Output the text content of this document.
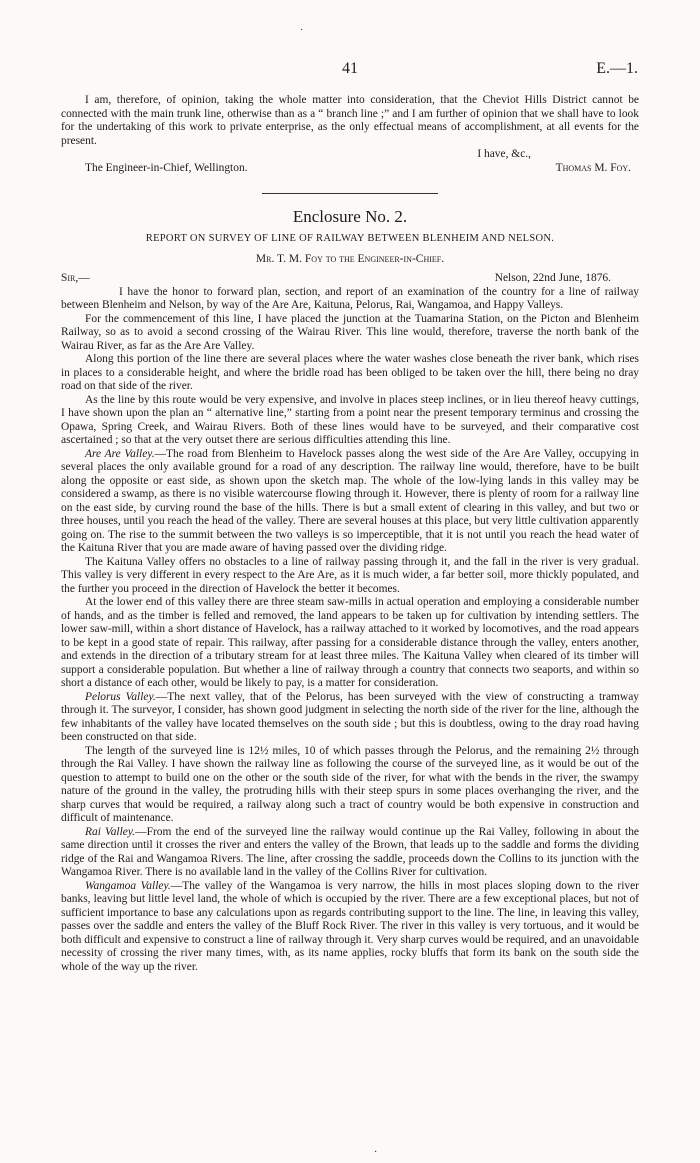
˙
41	E.—1.

I am, therefore, of opinion, taking the whole matter into consideration, that the Cheviot Hills District cannot be connected with the main trunk line, otherwise than as a “ branch line ;” and I am further of opinion that we shall have to look for the undertaking of this work to private enterprise, as the only effectual means of accomplishment, at all events for the present.

I have, &c.,

The Engineer-in-Chief, Wellington.	Thomas M. Foy.
Enclosure No. 2.
REPORT ON SURVEY OF LINE OF RAILWAY BETWEEN BLENHEIM AND NELSON.
Mr. T. M. Foy to the Engineer-in-Chief.
Sir,—	Nelson, 22nd June, 1876.

I have the honor to forward plan, section, and report of an examination of the country for a line of railway between Blenheim and Nelson, by way of the Are Are, Kaituna, Pelorus, Rai, Wangamoa, and Happy Valleys.

For the commencement of this line, I have placed the junction at the Tuamarina Station, on the Picton and Blenheim Railway, so as to avoid a second crossing of the Wairau River. This line would, therefore, traverse the north bank of the Wairau River, as far as the Are Are Valley.

Along this portion of the line there are several places where the water washes close beneath the river bank, which rises in places to a considerable height, and where the bridle road has been obliged to be taken over the hill, there being no dray road on that side of the river.

As the line by this route would be very expensive, and involve in places steep inclines, or in lieu thereof heavy cuttings, I have shown upon the plan an “ alternative line,” starting from a point near the present temporary terminus and crossing the Opawa, Spring Creek, and Wairau Rivers. Both of these lines would have to be surveyed, and their comparative cost ascertained ; so that at the very outset there are serious difficulties attending this line.

Are Are Valley.—The road from Blenheim to Havelock passes along the west side of the Are Are Valley, occupying in several places the only available ground for a road of any description. The railway line would, therefore, have to be built along the opposite or east side, as shown upon the sketch map. The whole of the low-lying lands in this valley may be considered a swamp, as there is no visible watercourse flowing through it. However, there is plenty of room for a railway line on the east side, by curving round the base of the hills. There is but a small extent of clearing in this valley, and but two or three houses, until you reach the head of the valley. There are several houses at this place, but very little cultivation apparently going on. The rise to the summit between the two valleys is so imperceptible, that it is not until you reach the head water of the Kaituna River that you are made aware of having passed over the dividing ridge.

The Kaituna Valley offers no obstacles to a line of railway passing through it, and the fall in the river is very gradual. This valley is very different in every respect to the Are Are, as it is much wider, a far better soil, more thickly populated, and the further you proceed in the direction of Havelock the better it becomes.

At the lower end of this valley there are three steam saw-mills in actual operation and employing a considerable number of hands, and as the timber is felled and removed, the land appears to be taken up for cultivation by intending settlers. The lower saw-mill, within a short distance of Havelock, has a railway attached to it worked by locomotives, and the road appears to be kept in a good state of repair. This railway, after passing for a considerable distance through the valley, enters another, and extends in the direction of a tributary stream for at least three miles. The Kaituna Valley when cleared of its timber will support a considerable population. But whether a line of railway through a country that connects two seaports, and within so short a distance of each other, would be likely to pay, is a matter for consideration.

Pelorus Valley.—The next valley, that of the Pelorus, has been surveyed with the view of constructing a tramway through it. The surveyor, I consider, has shown good judgment in selecting the north side of the river for the line, although the few inhabitants of the valley have located themselves on the south side ; but this is doubtless, owing to the dray road having been constructed on that side.

The length of the surveyed line is 12½ miles, 10 of which passes through the Pelorus, and the remaining 2½ through through the Rai Valley. I have shown the railway line as following the course of the surveyed line, as it would be out of the question to attempt to build one on the other or the south side of the river, for what with the bends in the river, the swampy nature of the ground in the valley, the protruding hills with their steep spurs in some places overhanging the river, and the sharp curves that would be required, a railway along such a tract of country would be both expensive in construction and difficult of maintenance.

Rai Valley.—From the end of the surveyed line the railway would continue up the Rai Valley, following in about the same direction until it crosses the river and enters the valley of the Brown, that leads up to the saddle and forms the dividing ridge of the Rai and Wangamoa Rivers. The line, after crossing the saddle, proceeds down the Collins to its junction with the Wangamoa River. There is no available land in the valley of the Collins River for cultivation.

Wangamoa Valley.—The valley of the Wangamoa is very narrow, the hills in most places sloping down to the river banks, leaving but little level land, the whole of which is occupied by the river. There are a few exceptional places, but not of sufficient importance to base any calculations upon as regards contributing support to the line. The line, in leaving this valley, passes over the saddle and enters the valley of the Bluff Rock River. The river in this valley is very tortuous, and it would be both difficult and expensive to construct a line of railway through it. Very sharp curves would be required, and an unavoidable necessity of crossing the river many times, with, as its name applies, rocky bluffs that form its bank on the south side the whole of the way up the river.

·
